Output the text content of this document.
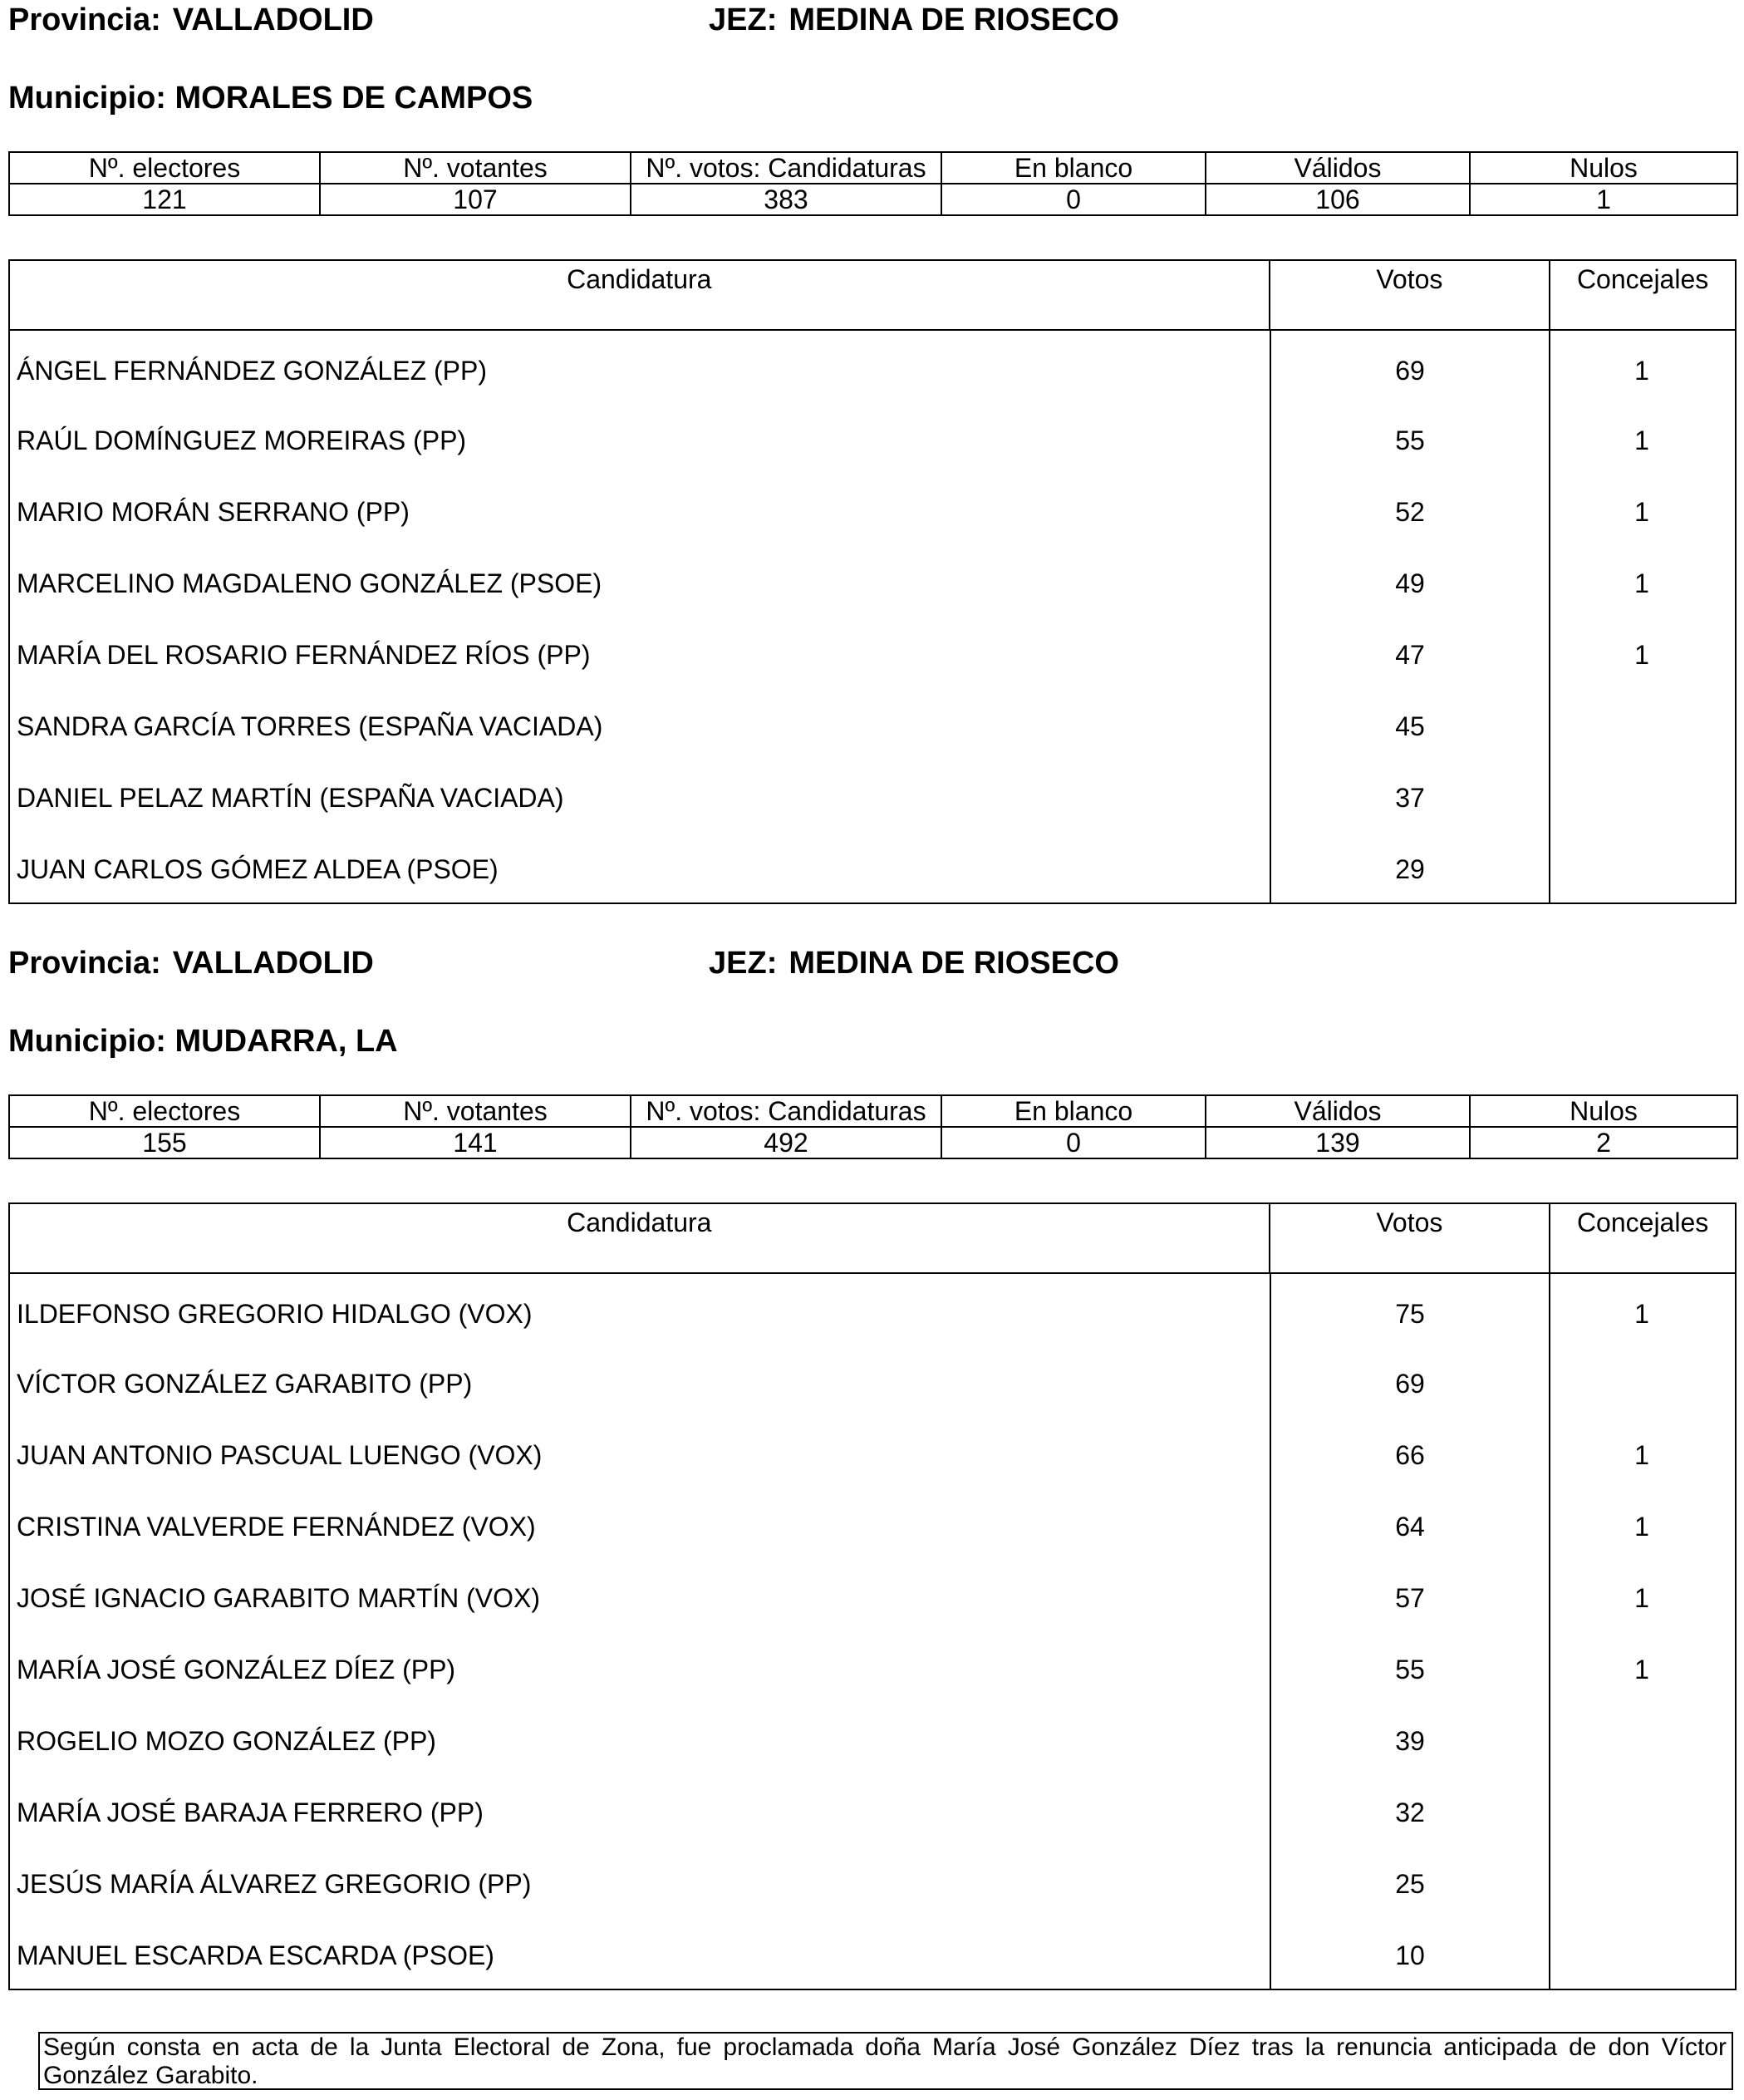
Provincia: VALLADOLID	JEZ: MEDINA DE RIOSECO
Municipio: MORALES DE CAMPOS
Nº. electores	Nº. votantes	Nº. votos: Candidaturas	En blanco	Válidos	Nulos
121	107	383	0	106	1
Candidatura	Votos	Concejales
ÁNGEL FERNÁNDEZ GONZÁLEZ (PP)	69	1
RAÚL DOMÍNGUEZ MOREIRAS (PP)	55	1
MARIO MORÁN SERRANO (PP)	52	1
MARCELINO MAGDALENO GONZÁLEZ (PSOE)	49	1
MARÍA DEL ROSARIO FERNÁNDEZ RÍOS (PP)	47	1
SANDRA GARCÍA TORRES (ESPAÑA VACIADA)	45
DANIEL PELAZ MARTÍN (ESPAÑA VACIADA)	37
JUAN CARLOS GÓMEZ ALDEA (PSOE)	29
Provincia: VALLADOLID	JEZ: MEDINA DE RIOSECO
Municipio: MUDARRA, LA
Nº. electores	Nº. votantes	Nº. votos: Candidaturas	En blanco	Válidos	Nulos
155	141	492	0	139	2
Candidatura	Votos	Concejales
ILDEFONSO GREGORIO HIDALGO (VOX)	75	1
VÍCTOR GONZÁLEZ GARABITO (PP)	69
JUAN ANTONIO PASCUAL LUENGO (VOX)	66	1
CRISTINA VALVERDE FERNÁNDEZ (VOX)	64	1
JOSÉ IGNACIO GARABITO MARTÍN (VOX)	57	1
MARÍA JOSÉ GONZÁLEZ DÍEZ (PP)	55	1
ROGELIO MOZO GONZÁLEZ (PP)	39
MARÍA JOSÉ BARAJA FERRERO (PP)	32
JESÚS MARÍA ÁLVAREZ GREGORIO (PP)	25
MANUEL ESCARDA ESCARDA (PSOE)	10
Según consta en acta de la Junta Electoral de Zona, fue proclamada doña María José González Díez tras la renuncia anticipada de don Víctor González Garabito.
